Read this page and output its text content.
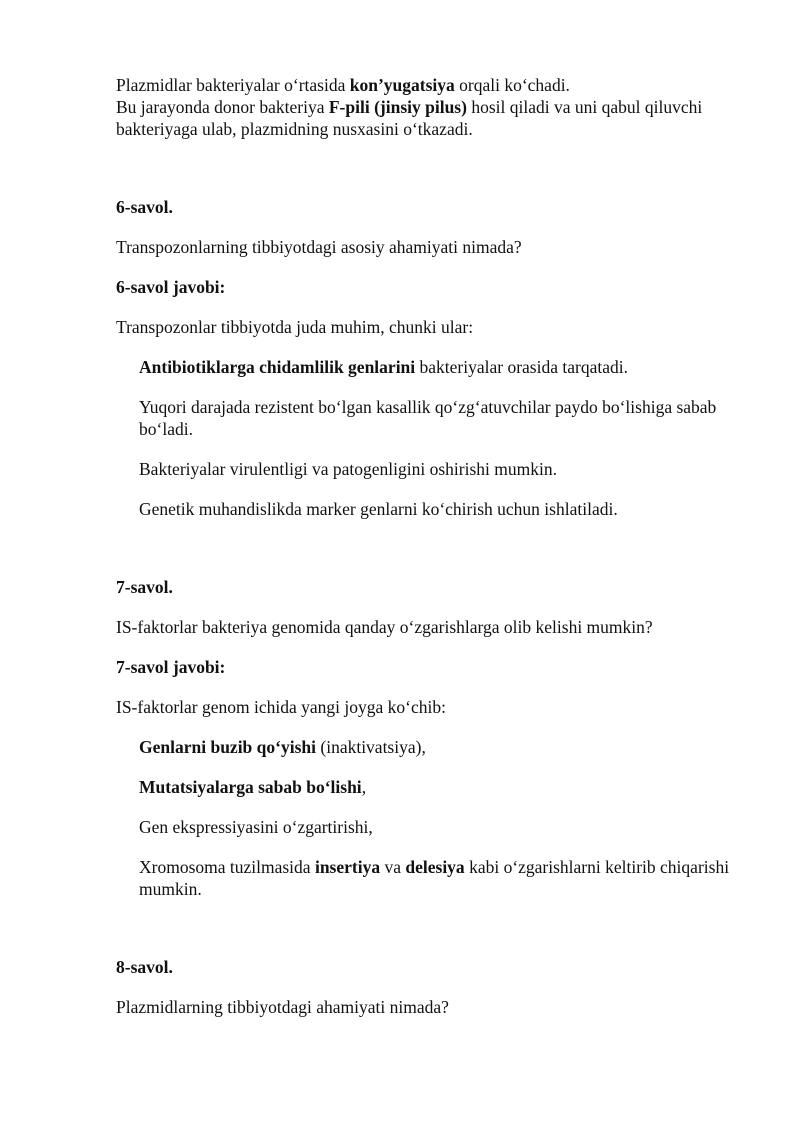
Plazmidlar bakteriyalar oʻrtasida kon’yugatsiya orqali koʻchadi.

Bu jarayonda donor bakteriya F-pili (jinsiy pilus) hosil qiladi va uni qabul qiluvchi bakteriyaga ulab, plazmidning nusxasini oʻtkazadi.

6-savol.

Transpozonlarning tibbiyotdagi asosiy ahamiyati nimada?

6-savol javobi:

Transpozonlar tibbiyotda juda muhim, chunki ular:

Antibiotiklarga chidamlilik genlarini bakteriyalar orasida tarqatadi.

Yuqori darajada rezistent boʻlgan kasallik qoʻzgʻatuvchilar paydo boʻlishiga sabab boʻladi.

Bakteriyalar virulentligi va patogenligini oshirishi mumkin.

Genetik muhandislikda marker genlarni koʻchirish uchun ishlatiladi.

7-savol.

IS-faktorlar bakteriya genomida qanday oʻzgarishlarga olib kelishi mumkin?

7-savol javobi:

IS-faktorlar genom ichida yangi joyga koʻchib:

Genlarni buzib qoʻyishi (inaktivatsiya),

Mutatsiyalarga sabab boʻlishi,

Gen ekspressiyasini oʻzgartirishi,

Xromosoma tuzilmasida insertiya va delesiya kabi oʻzgarishlarni keltirib chiqarishi mumkin.

8-savol.

Plazmidlarning tibbiyotdagi ahamiyati nimada?
